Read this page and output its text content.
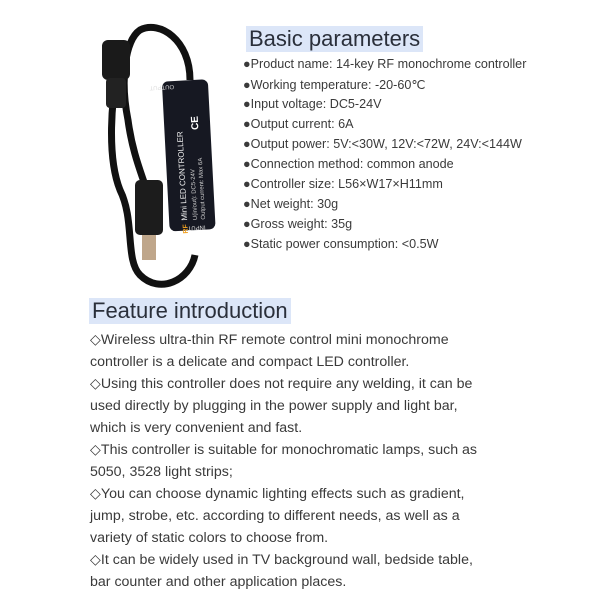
Mini LED CONTROLLER U(in/out): DC5-24V
Output current: Max 6A
CE
RF
OUTPUT
INPUT
Basic parameters
●Product name: 14-key RF monochrome controller
●Working temperature: -20-60℃
●Input voltage: DC5-24V
●Output current: 6A
●Output power: 5V:<30W, 12V:<72W, 24V:<144W
●Connection method: common anode
●Controller size: L56×W17×H11mm
●Net weight: 30g
●Gross weight: 35g
●Static power consumption: <0.5W
Feature introduction
◇Wireless ultra-thin RF remote control mini monochrome
controller is a delicate and compact LED controller.
◇Using this controller does not require any welding, it can be
used directly by plugging in the power supply and light bar,
which is very convenient and fast.
◇This controller is suitable for monochromatic lamps, such as
5050, 3528 light strips;
◇You can choose dynamic lighting effects such as gradient,
jump, strobe, etc. according to different needs, as well as a
variety of static colors to choose from.
◇It can be widely used in TV background wall, bedside table,
bar counter and other application places.
